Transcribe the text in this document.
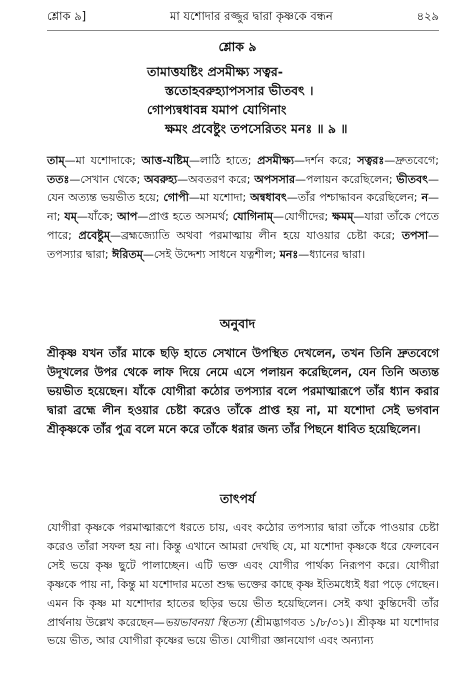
শ্লোক ৯]	মা যশোদার রজ্জুর দ্বারা কৃষ্ণকে বন্ধন	৪২৯
শ্লোক ৯
তামাত্তযষ্টিং প্রসমীক্ষ্য সত্বর-
স্ততোহবরুহ্যাপসসার ভীতবৎ ।
গোপ্যন্বধাবন্ন যমাপ যোগিনাং
ক্ষমং প্রবেষ্টুং তপসেরিতং মনঃ ॥ ৯ ॥
তাম্—মা যশোদাকে; আত্ত-যষ্টিম্—লাঠি হাতে; প্রসমীক্ষ্য—দর্শন করে; সত্বরঃ—দ্রুতবেগে; ততঃ—সেখান থেকে; অবরুহ্য—অবতরণ করে; অপসসার—পলায়ন করেছিলেন; ভীতবৎ—যেন অত্যন্ত ভয়ভীত হয়ে; গোপী—মা যশোদা; অন্বধাবৎ—তাঁর পশ্চাদ্ধাবন করেছিলেন; ন—না; যম্—যাঁকে; আপ—প্রাপ্ত হতে অসমর্থ; যোগিনাম্—যোগীদের; ক্ষমম্—যারা তাঁকে পেতে পারে; প্রবেষ্টুম্—ব্রহ্মজ্যোতি অথবা পরমাত্মায় লীন হয়ে যাওয়ার চেষ্টা করে; তপসা—তপস্যার দ্বারা; ঈরিতম্—সেই উদ্দেশ্য সাধনে যত্নশীল; মনঃ—ধ্যানের দ্বারা।
অনুবাদ
শ্রীকৃষ্ণ যখন তাঁর মাকে ছড়ি হাতে সেখানে উপস্থিত দেখলেন, তখন তিনি দ্রুতবেগে উদূখলের উপর থেকে লাফ দিয়ে নেমে এসে পলায়ন করেছিলেন, যেন তিনি অত্যন্ত ভয়ভীত হয়েছেন। যাঁকে যোগীরা কঠোর তপস্যার বলে পরমাত্মারূপে তাঁর ধ্যান করার দ্বারা ব্রহ্মে লীন হওয়ার চেষ্টা করেও তাঁকে প্রাপ্ত হয় না, মা যশোদা সেই ভগবান শ্রীকৃষ্ণকে তাঁর পুত্র বলে মনে করে তাঁকে ধরার জন্য তাঁর পিছনে ধাবিত হয়েছিলেন।
তাৎপর্য
যোগীরা কৃষ্ণকে পরমাত্মারূপে ধরতে চায়, এবং কঠোর তপস্যার দ্বারা তাঁকে পাওয়ার চেষ্টা করেও তাঁরা সফল হয় না। কিন্তু এখানে আমরা দেখছি যে, মা যশোদা কৃষ্ণকে ধরে ফেলবেন সেই ভয়ে কৃষ্ণ ছুটে পালাচ্ছেন। এটি ভক্ত এবং যোগীর পার্থক্য নিরূপণ করে। যোগীরা কৃষ্ণকে পায় না, কিন্তু মা যশোদার মতো শুদ্ধ ভক্তের কাছে কৃষ্ণ ইতিমধ্যেই ধরা পড়ে গেছেন। এমন কি কৃষ্ণ মা যশোদার হাতের ছড়ির ভয়ে ভীত হয়েছিলেন। সেই কথা কুন্তিদেবী তাঁর প্রার্থনায় উল্লেখ করেছেন—ভয়ভাবনয়া স্থিতস্য (শ্রীমদ্ভাগবত ১/৮/৩১)। শ্রীকৃষ্ণ মা যশোদার ভয়ে ভীত, আর যোগীরা কৃষ্ণের ভয়ে ভীত। যোগীরা জ্ঞানযোগ এবং অন্যান্য
